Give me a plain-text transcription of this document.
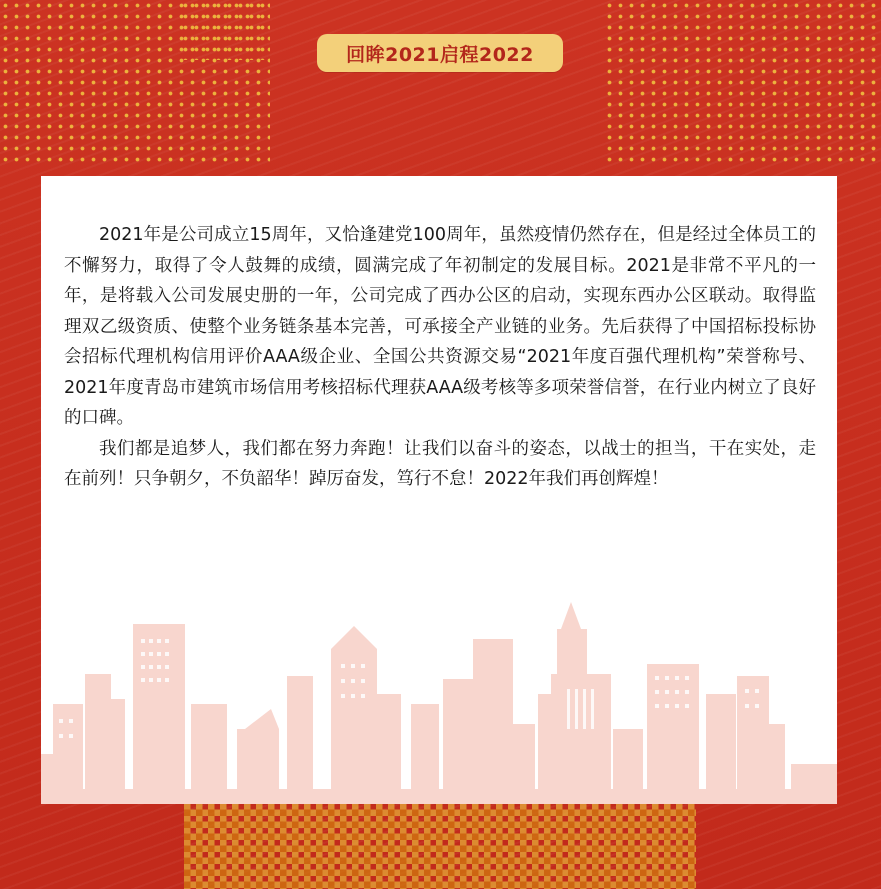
回眸2021启程2022

2021年是公司成立15周年，又恰逢建党100周年，虽然疫情仍然存在，但是经过全体员工的不懈努力，取得了令人鼓舞的成绩，圆满完成了年初制定的发展目标。2021是非常不平凡的一年，是将载入公司发展史册的一年，公司完成了西办公区的启动，实现东西办公区联动。取得监理双乙级资质、使整个业务链条基本完善，可承接全产业链的业务。先后获得了中国招标投标协会招标代理机构信用评价AAA级企业、全国公共资源交易“2021年度百强代理机构”荣誉称号、2021年度青岛市建筑市场信用考核招标代理获AAA级考核等多项荣誉信誉，在行业内树立了良好的口碑。

我们都是追梦人，我们都在努力奔跑！让我们以奋斗的姿态，以战士的担当，干在实处，走在前列！只争朝夕，不负韶华！踔厉奋发，笃行不怠！2022年我们再创辉煌！
